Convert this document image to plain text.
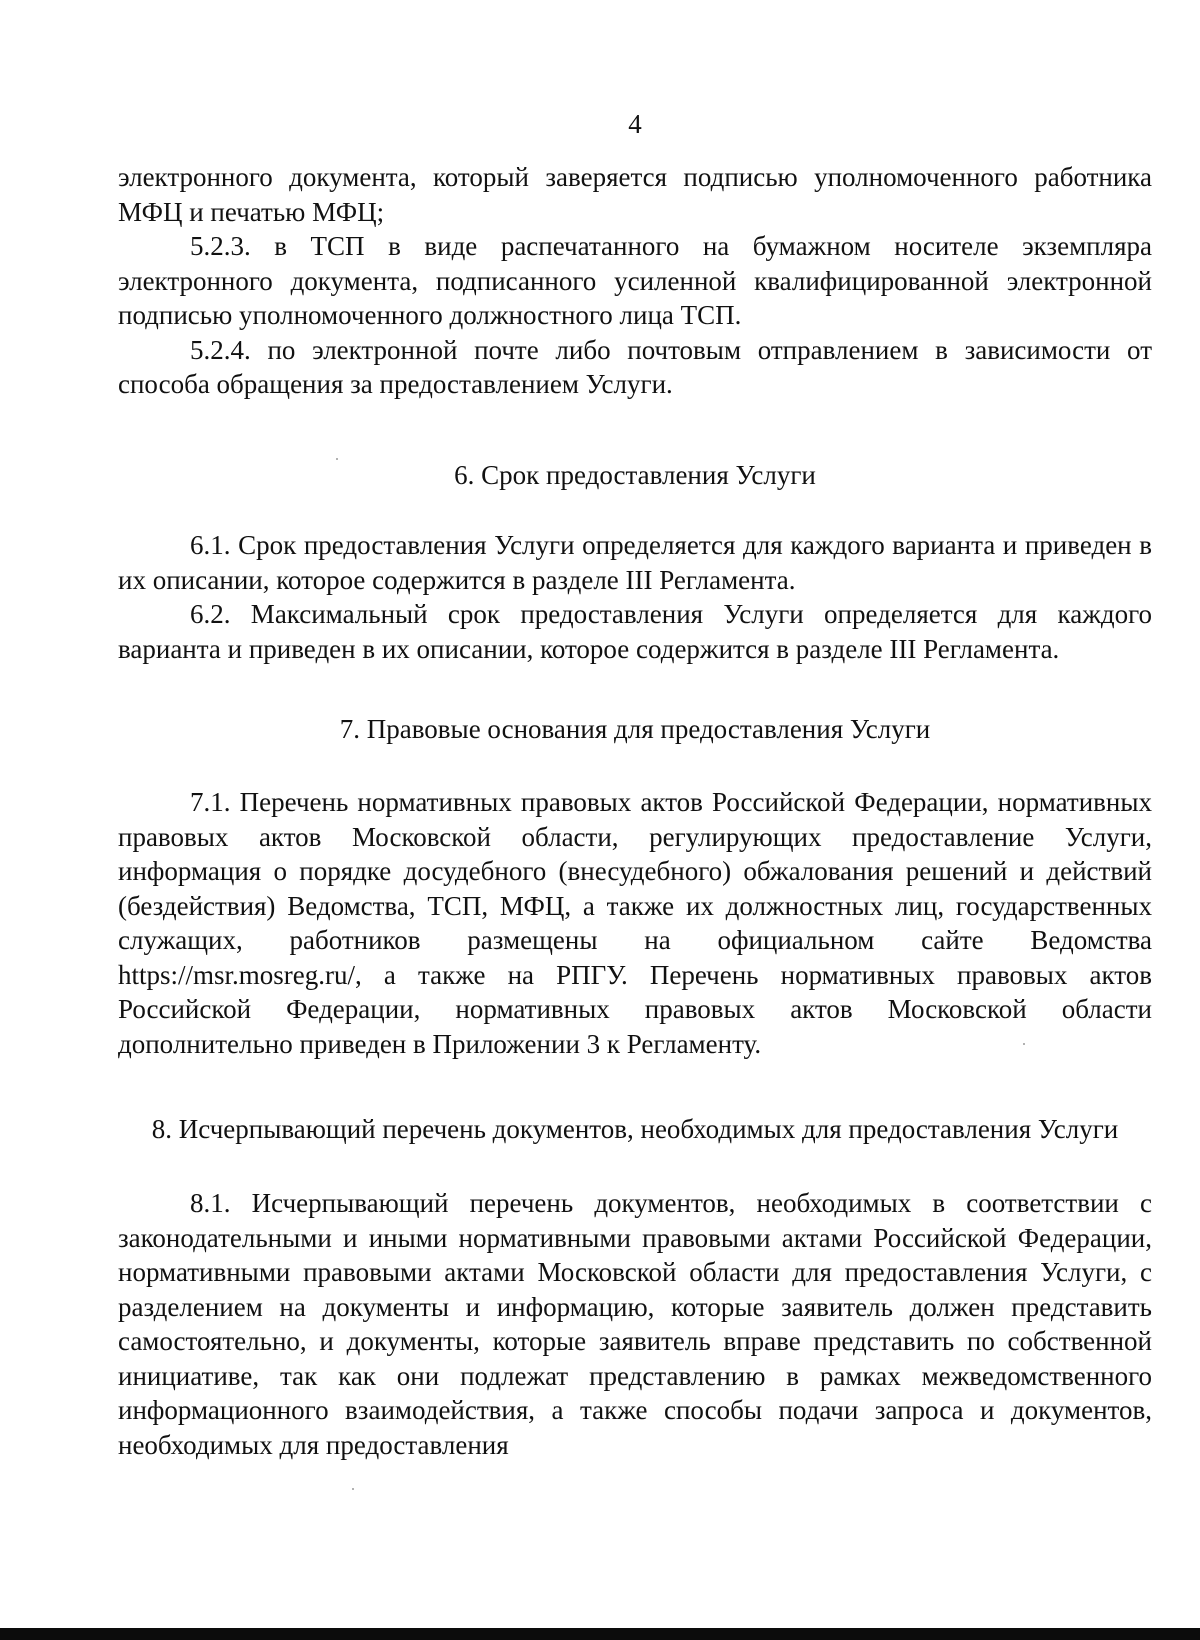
4

электронного документа, который заверяется подписью уполномоченного работника МФЦ и печатью МФЦ;

5.2.3. в ТСП в виде распечатанного на бумажном носителе экземпляра электронного документа, подписанного усиленной квалифицированной электронной подписью уполномоченного должностного лица ТСП.

5.2.4. по электронной почте либо почтовым отправлением в зависимости от способа обращения за предоставлением Услуги.

6. Срок предоставления Услуги

6.1. Срок предоставления Услуги определяется для каждого варианта и приведен в их описании, которое содержится в разделе III Регламента.

6.2. Максимальный срок предоставления Услуги определяется для каждого варианта и приведен в их описании, которое содержится в разделе III Регламента.

7. Правовые основания для предоставления Услуги

7.1. Перечень нормативных правовых актов Российской Федерации, нормативных правовых актов Московской области, регулирующих предоставление Услуги, информация о порядке досудебного (внесудебного) обжалования решений и действий (бездействия) Ведомства, ТСП, МФЦ, а также их должностных лиц, государственных служащих, работников размещены на официальном сайте Ведомства https://msr.mosreg.ru/, а также на РПГУ. Перечень нормативных правовых актов Российской Федерации, нормативных правовых актов Московской области дополнительно приведен в Приложении 3 к Регламенту.

8. Исчерпывающий перечень документов, необходимых для предоставления Услуги

8.1. Исчерпывающий перечень документов, необходимых в соответствии с законодательными и иными нормативными правовыми актами Российской Федерации, нормативными правовыми актами Московской области для предоставления Услуги, с разделением на документы и информацию, которые заявитель должен представить самостоятельно, и документы, которые заявитель вправе представить по собственной инициативе, так как они подлежат представлению в рамках межведомственного информационного взаимодействия, а также способы подачи запроса и документов, необходимых для предоставления
